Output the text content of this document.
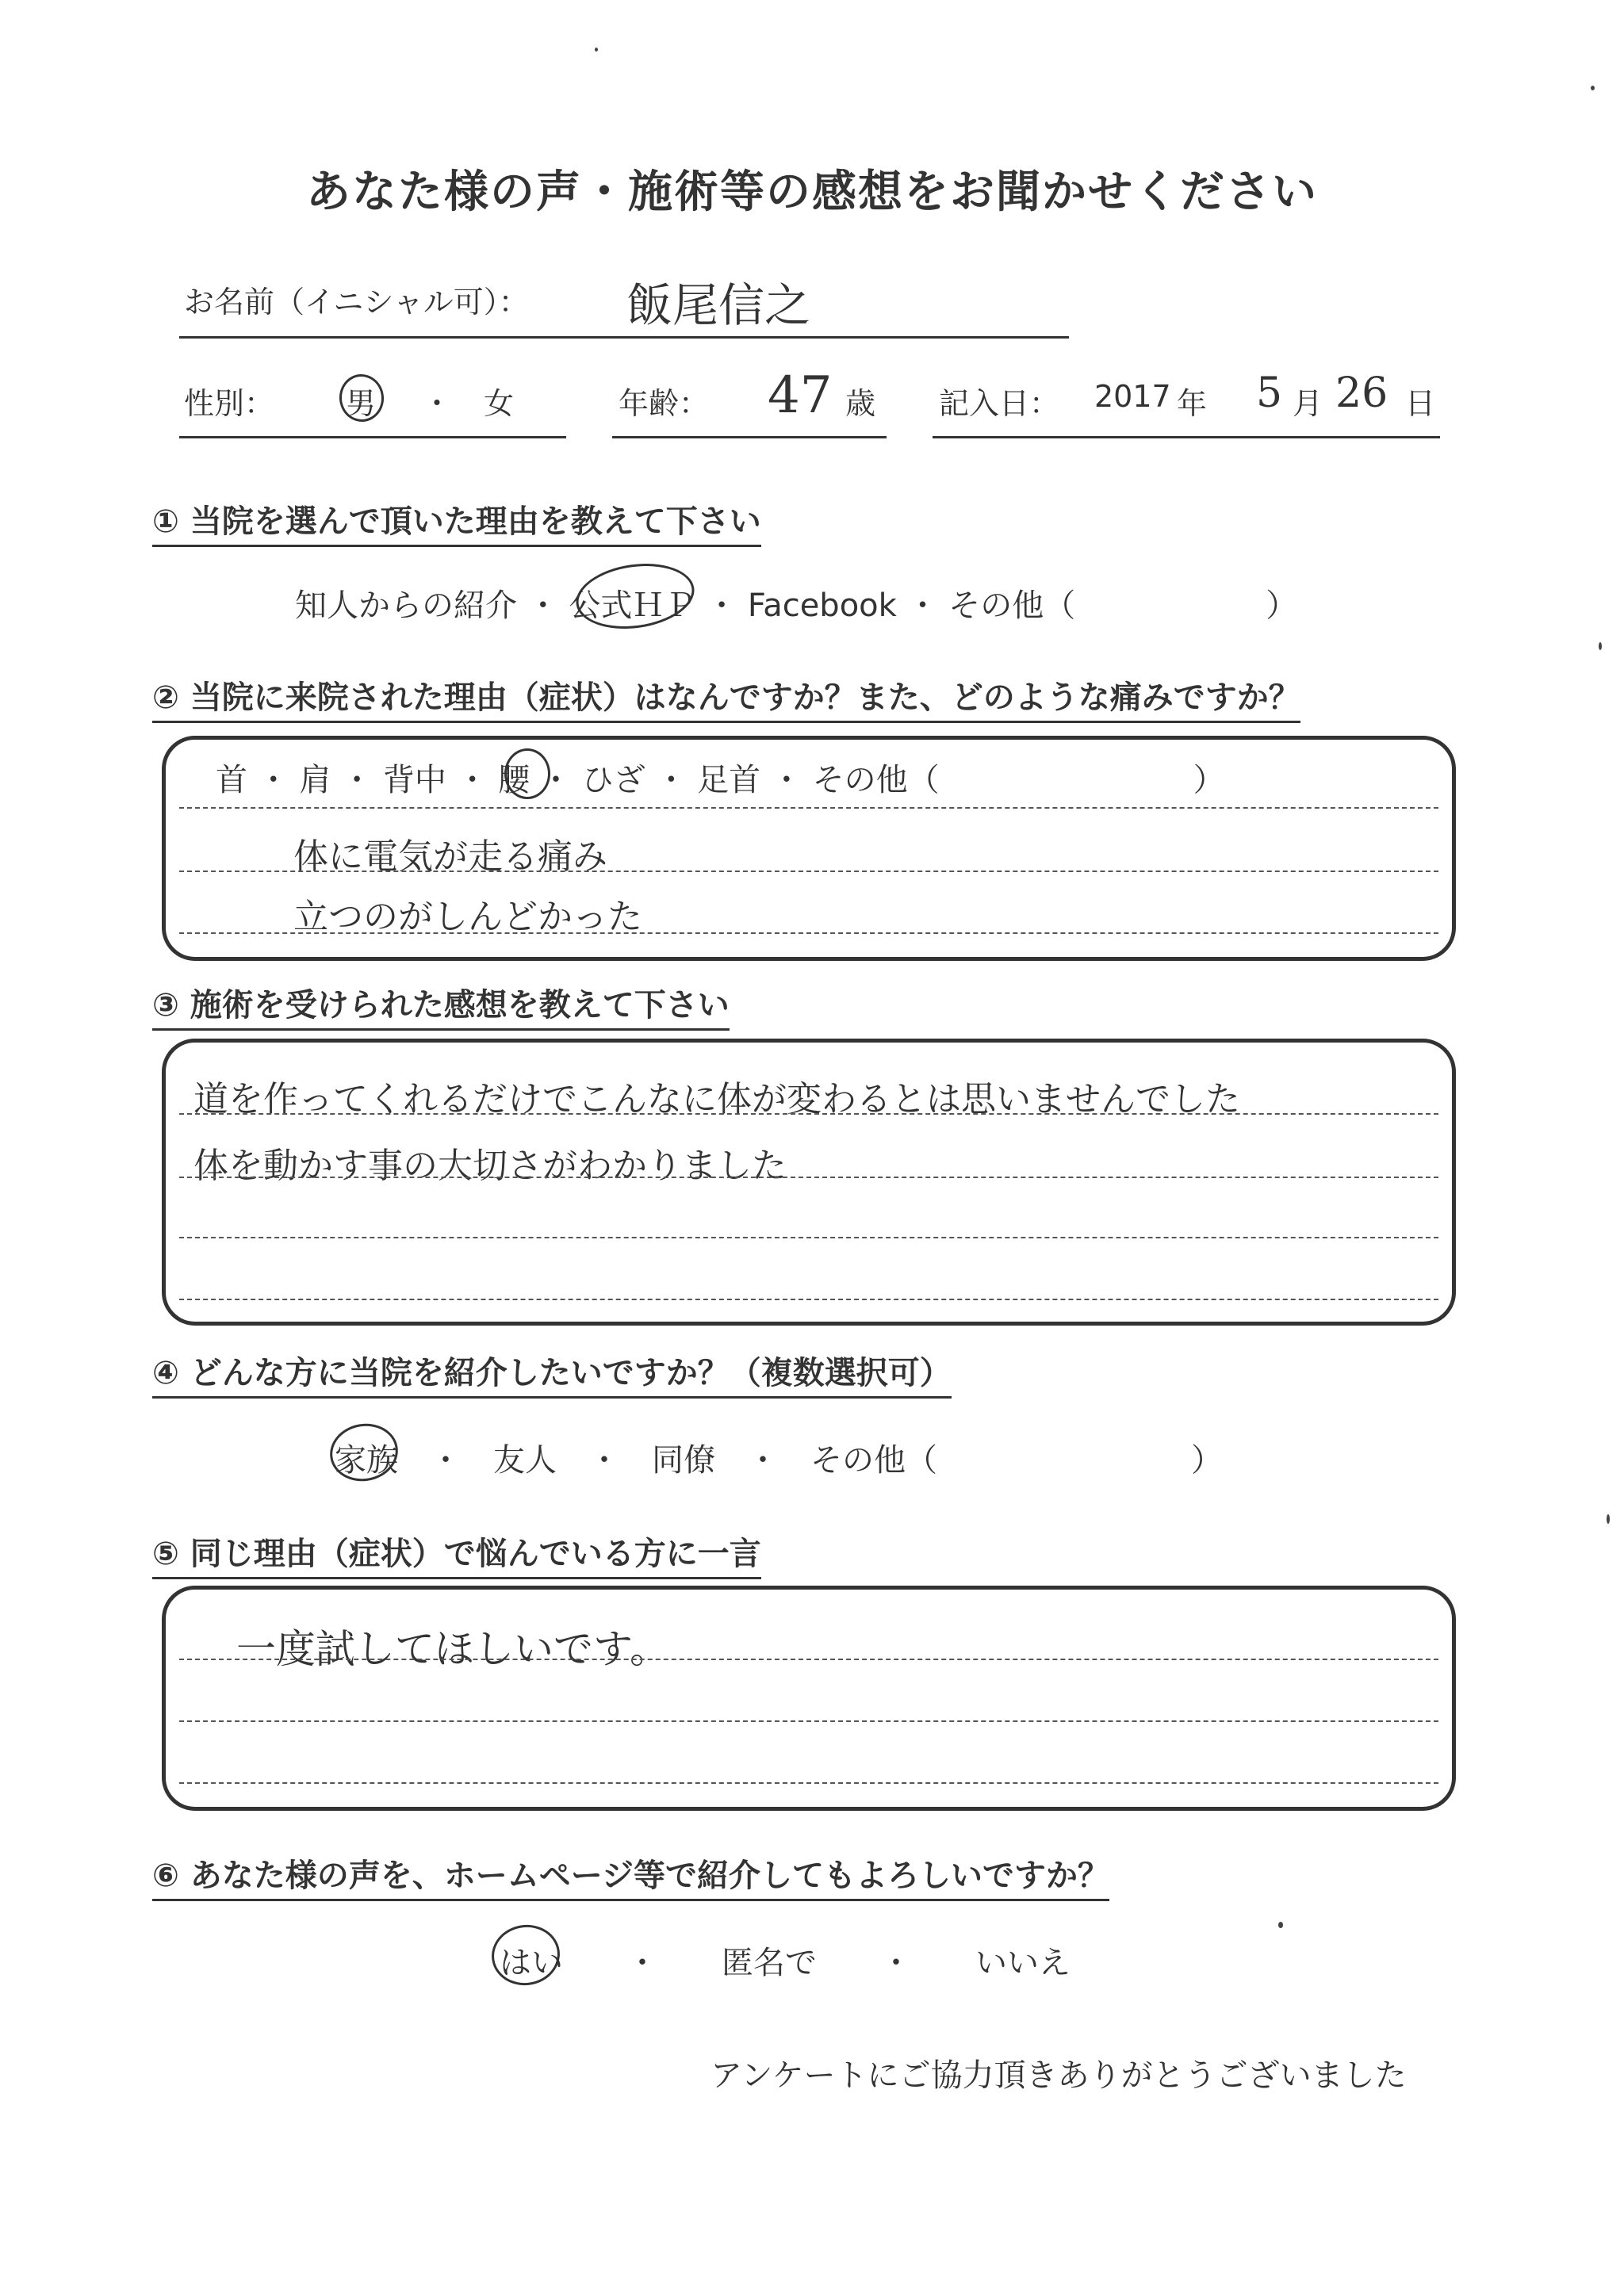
あなた様の声・施術等の感想をお聞かせください
お名前（イニシャル可）： 飯尾信之
性別： 男 ・ 女	年齢： 47 歳 記入日： 2017 年 5 月 26 日
① 当院を選んで頂いた理由を教えて下さい
知人からの紹介 ・ 公式ＨＰ ・ Facebook ・ その他（　　　　　　）
② 当院に来院された理由（症状）はなんですか？また、どのような痛みですか？
首 ・ 肩 ・ 背中 ・ 腰 ・ ひざ ・ 足首 ・ その他（　　　　　　　　）
体に電気が走る痛み
立つのがしんどかった
③ 施術を受けられた感想を教えて下さい
道を作ってくれるだけでこんなに体が変わるとは思いませんでした
体を動かす事の大切さがわかりました
④ どんな方に当院を紹介したいですか？（複数選択可）
家族　・　友人　・　同僚　・　その他（　　　　　　　　）
⑤ 同じ理由（症状）で悩んでいる方に一言
一度試してほしいです。
⑥ あなた様の声を、ホームページ等で紹介してもよろしいですか？
はい　　・　　匿名で　　・　　いいえ
アンケートにご協力頂きありがとうございました
